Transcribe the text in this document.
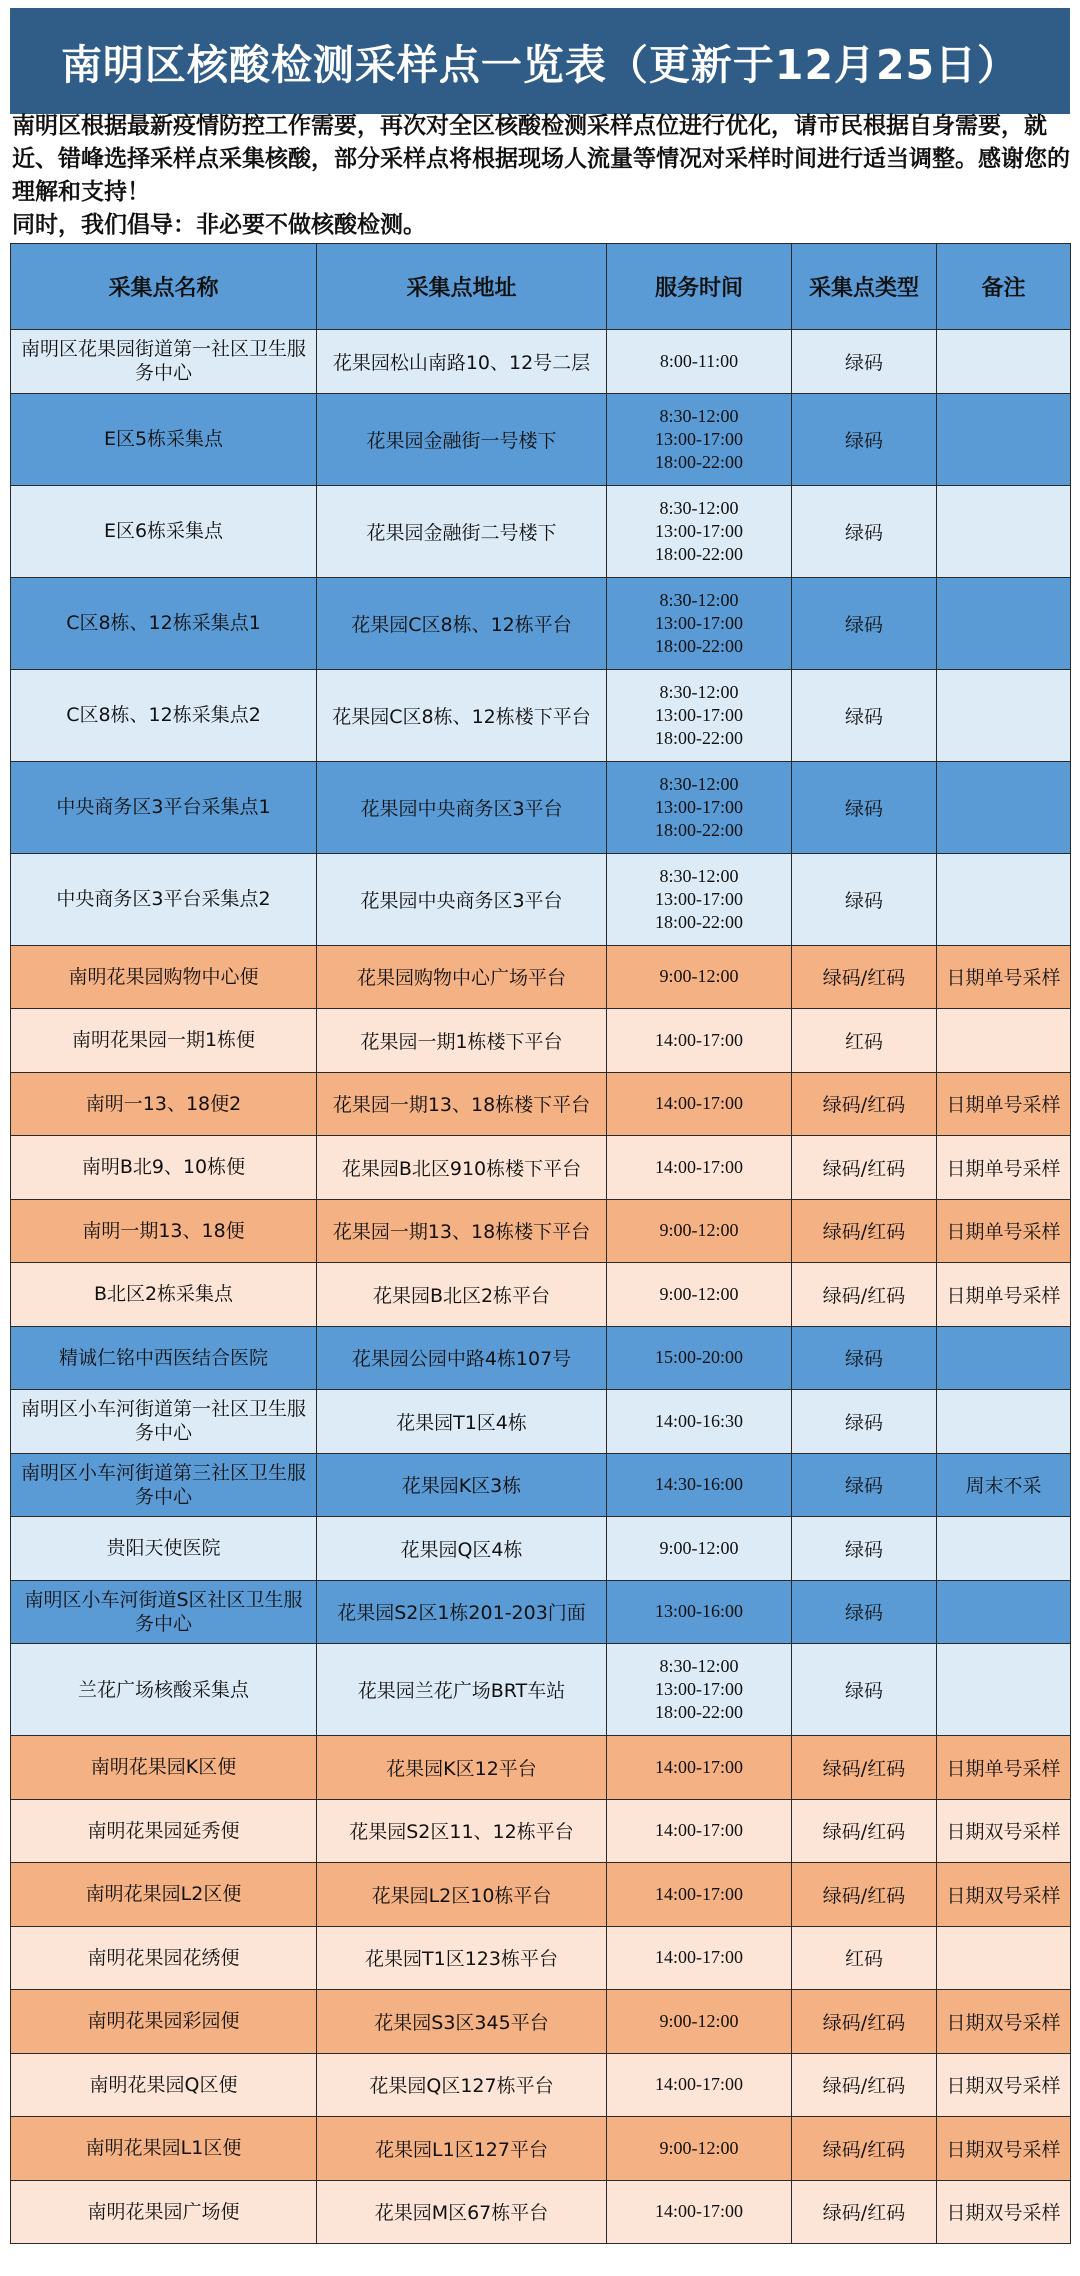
南明区核酸检测采样点一览表（更新于12月25日）

南明区根据最新疫情防控工作需要，再次对全区核酸检测采样点位进行优化，请市民根据自身需要，就近、错峰选择采样点采集核酸，部分采样点将根据现场人流量等情况对采样时间进行适当调整。感谢您的理解和支持！

同时，我们倡导：非必要不做核酸检测。

采集点名称	采集点地址	服务时间	采集点类型	备注
南明区花果园街道第一社区卫生服务中心	花果园松山南路10、12号二层	8:00-11:00	绿码	
E区5栋采集点	花果园金融街一号楼下	8:30-12:00
13:00-17:00
18:00-22:00	绿码	
E区6栋采集点	花果园金融街二号楼下	8:30-12:00
13:00-17:00
18:00-22:00	绿码	
C区8栋、12栋采集点1	花果园C区8栋、12栋平台	8:30-12:00
13:00-17:00
18:00-22:00	绿码	
C区8栋、12栋采集点2	花果园C区8栋、12栋楼下平台	8:30-12:00
13:00-17:00
18:00-22:00	绿码	
中央商务区3平台采集点1	花果园中央商务区3平台	8:30-12:00
13:00-17:00
18:00-22:00	绿码	
中央商务区3平台采集点2	花果园中央商务区3平台	8:30-12:00
13:00-17:00
18:00-22:00	绿码	
南明花果园购物中心便	花果园购物中心广场平台	9:00-12:00	绿码/红码	日期单号采样
南明花果园一期1栋便	花果园一期1栋楼下平台	14:00-17:00	红码	
南明一13、18便2	花果园一期13、18栋楼下平台	14:00-17:00	绿码/红码	日期单号采样
南明B北9、10栋便	花果园B北区910栋楼下平台	14:00-17:00	绿码/红码	日期单号采样
南明一期13、18便	花果园一期13、18栋楼下平台	9:00-12:00	绿码/红码	日期单号采样
B北区2栋采集点	花果园B北区2栋平台	9:00-12:00	绿码/红码	日期单号采样
精诚仁铭中西医结合医院	花果园公园中路4栋107号	15:00-20:00	绿码	
南明区小车河街道第一社区卫生服务中心	花果园T1区4栋	14:00-16:30	绿码	
南明区小车河街道第三社区卫生服务中心	花果园K区3栋	14:30-16:00	绿码	周末不采
贵阳天使医院	花果园Q区4栋	9:00-12:00	绿码	
南明区小车河街道S区社区卫生服务中心	花果园S2区1栋201-203门面	13:00-16:00	绿码	
兰花广场核酸采集点	花果园兰花广场BRT车站	8:30-12:00
13:00-17:00
18:00-22:00	绿码	
南明花果园K区便	花果园K区12平台	14:00-17:00	绿码/红码	日期单号采样
南明花果园延秀便	花果园S2区11、12栋平台	14:00-17:00	绿码/红码	日期双号采样
南明花果园L2区便	花果园L2区10栋平台	14:00-17:00	绿码/红码	日期双号采样
南明花果园花绣便	花果园T1区123栋平台	14:00-17:00	红码	
南明花果园彩园便	花果园S3区345平台	9:00-12:00	绿码/红码	日期双号采样
南明花果园Q区便	花果园Q区127栋平台	14:00-17:00	绿码/红码	日期双号采样
南明花果园L1区便	花果园L1区127平台	9:00-12:00	绿码/红码	日期双号采样
南明花果园广场便	花果园M区67栋平台	14:00-17:00	绿码/红码	日期双号采样
